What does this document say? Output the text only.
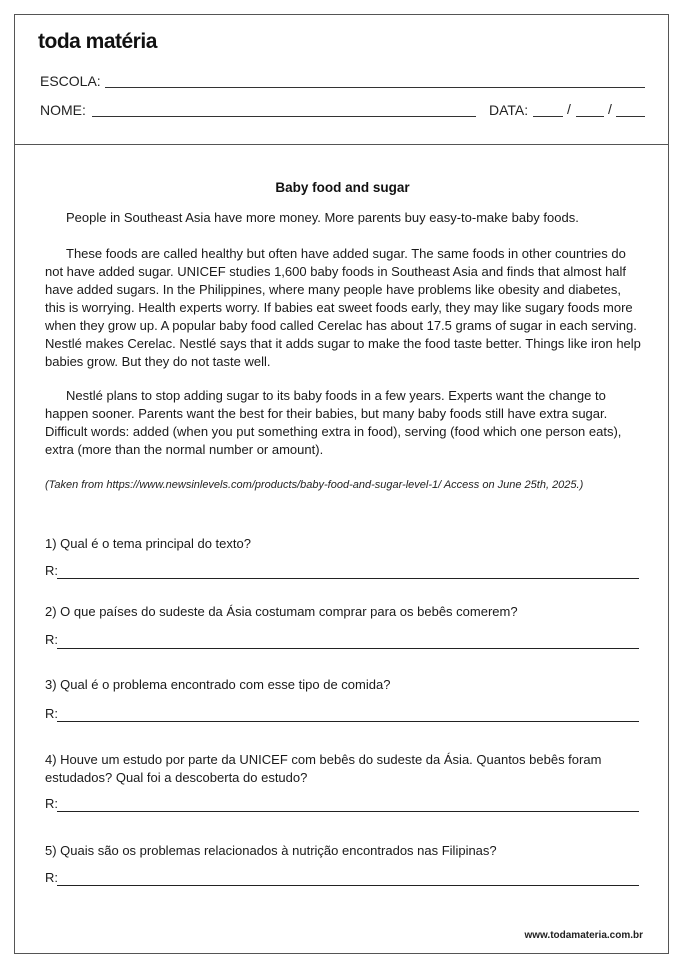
toda matéria
ESCOLA:
NOME:	DATA:	/	/
Baby food and sugar

People in Southeast Asia have more money. More parents buy easy-to-make baby foods.

These foods are called healthy but often have added sugar. The same foods in other countries do not have added sugar. UNICEF studies 1,600 baby foods in Southeast Asia and finds that almost half have added sugars. In the Philippines, where many people have problems like obesity and diabetes, this is worrying. Health experts worry. If babies eat sweet foods early, they may like sugary foods more when they grow up. A popular baby food called Cerelac has about 17.5 grams of sugar in each serving. Nestlé makes Cerelac. Nestlé says that it adds sugar to make the food taste better. Things like iron help babies grow. But they do not taste well.

Nestlé plans to stop adding sugar to its baby foods in a few years. Experts want the change to happen sooner. Parents want the best for their babies, but many baby foods still have extra sugar. Difficult words: added (when you put something extra in food), serving (food which one person eats), extra (more than the normal number or amount).

(Taken from https://www.newsinlevels.com/products/baby-food-and-sugar-level-1/ Access on June 25th, 2025.)

1) Qual é o tema principal do texto?

R:

2) O que países do sudeste da Ásia costumam comprar para os bebês comerem?

R:

3) Qual é o problema encontrado com esse tipo de comida?

R:

4) Houve um estudo por parte da UNICEF com bebês do sudeste da Ásia. Quantos bebês foram estudados? Qual foi a descoberta do estudo?

R:

5) Quais são os problemas relacionados à nutrição encontrados nas Filipinas?

R:
www.todamateria.com.br
